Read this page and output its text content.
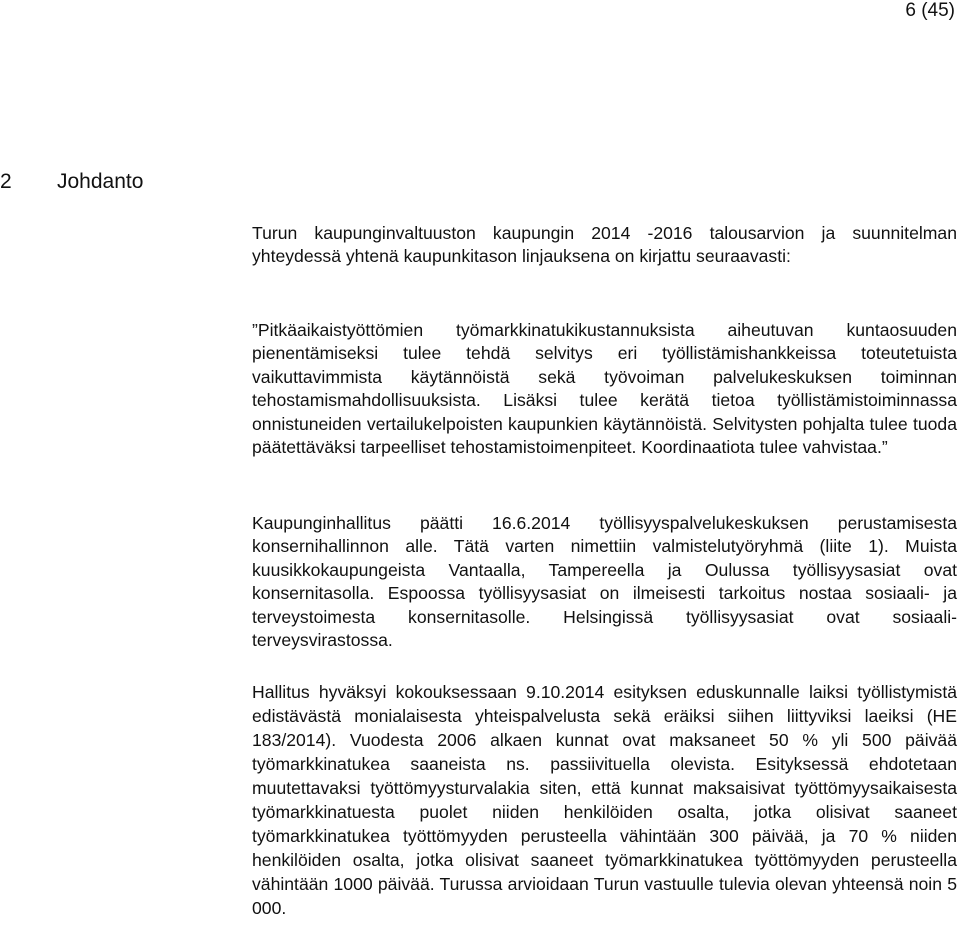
6 (45)
2 Johdanto

Turun kaupunginvaltuuston kaupungin 2014 -2016 talousarvion ja suunnitelman yhteydessä yhtenä kaupunkitason linjauksena on kirjattu seuraavasti:

”Pitkäaikaistyöttömien työmarkkinatukikustannuksista aiheutuvan kuntaosuuden pienentämiseksi tulee tehdä selvitys eri työllistämishankkeissa toteutetuista vaikuttavimmista käytännöistä sekä työvoiman palvelukeskuksen toiminnan tehostamismahdollisuuksista. Lisäksi tulee kerätä tietoa työllistämistoiminnassa onnistuneiden vertailukelpoisten kaupunkien käytännöistä. Selvitysten pohjalta tulee tuoda päätettäväksi tarpeelliset tehostamistoimenpiteet. Koordinaatiota tulee vahvistaa.”

Kaupunginhallitus päätti 16.6.2014 työllisyyspalvelukeskuksen perustamisesta konsernihallinnon alle. Tätä varten nimettiin valmistelutyöryhmä (liite 1). Muista kuusikkokaupungeista Vantaalla, Tampereella ja Oulussa työllisyysasiat ovat konsernitasolla. Espoossa työllisyysasiat on ilmeisesti tarkoitus nostaa sosiaali- ja terveystoimesta konsernitasolle. Helsingissä työllisyysasiat ovat sosiaali- terveysvirastossa.

Hallitus hyväksyi kokouksessaan 9.10.2014 esityksen eduskunnalle laiksi työllistymistä edistävästä monialaisesta yhteispalvelusta sekä eräiksi siihen liittyviksi laeiksi (HE 183/2014). Vuodesta 2006 alkaen kunnat ovat maksaneet 50 % yli 500 päivää työmarkkinatukea saaneista ns. passiivituella olevista. Esityksessä ehdotetaan muutettavaksi työttömyysturvalakia siten, että kunnat maksaisivat työttömyysaikaisesta työmarkkinatuesta puolet niiden henkilöiden osalta, jotka olisivat saaneet työmarkkinatukea työttömyyden perusteella vähintään 300 päivää, ja 70 % niiden henkilöiden osalta, jotka olisivat saaneet työmarkkinatukea työttömyyden perusteella vähintään 1000 päivää. Turussa arvioidaan Turun vastuulle tulevia olevan yhteensä noin 5 000.
